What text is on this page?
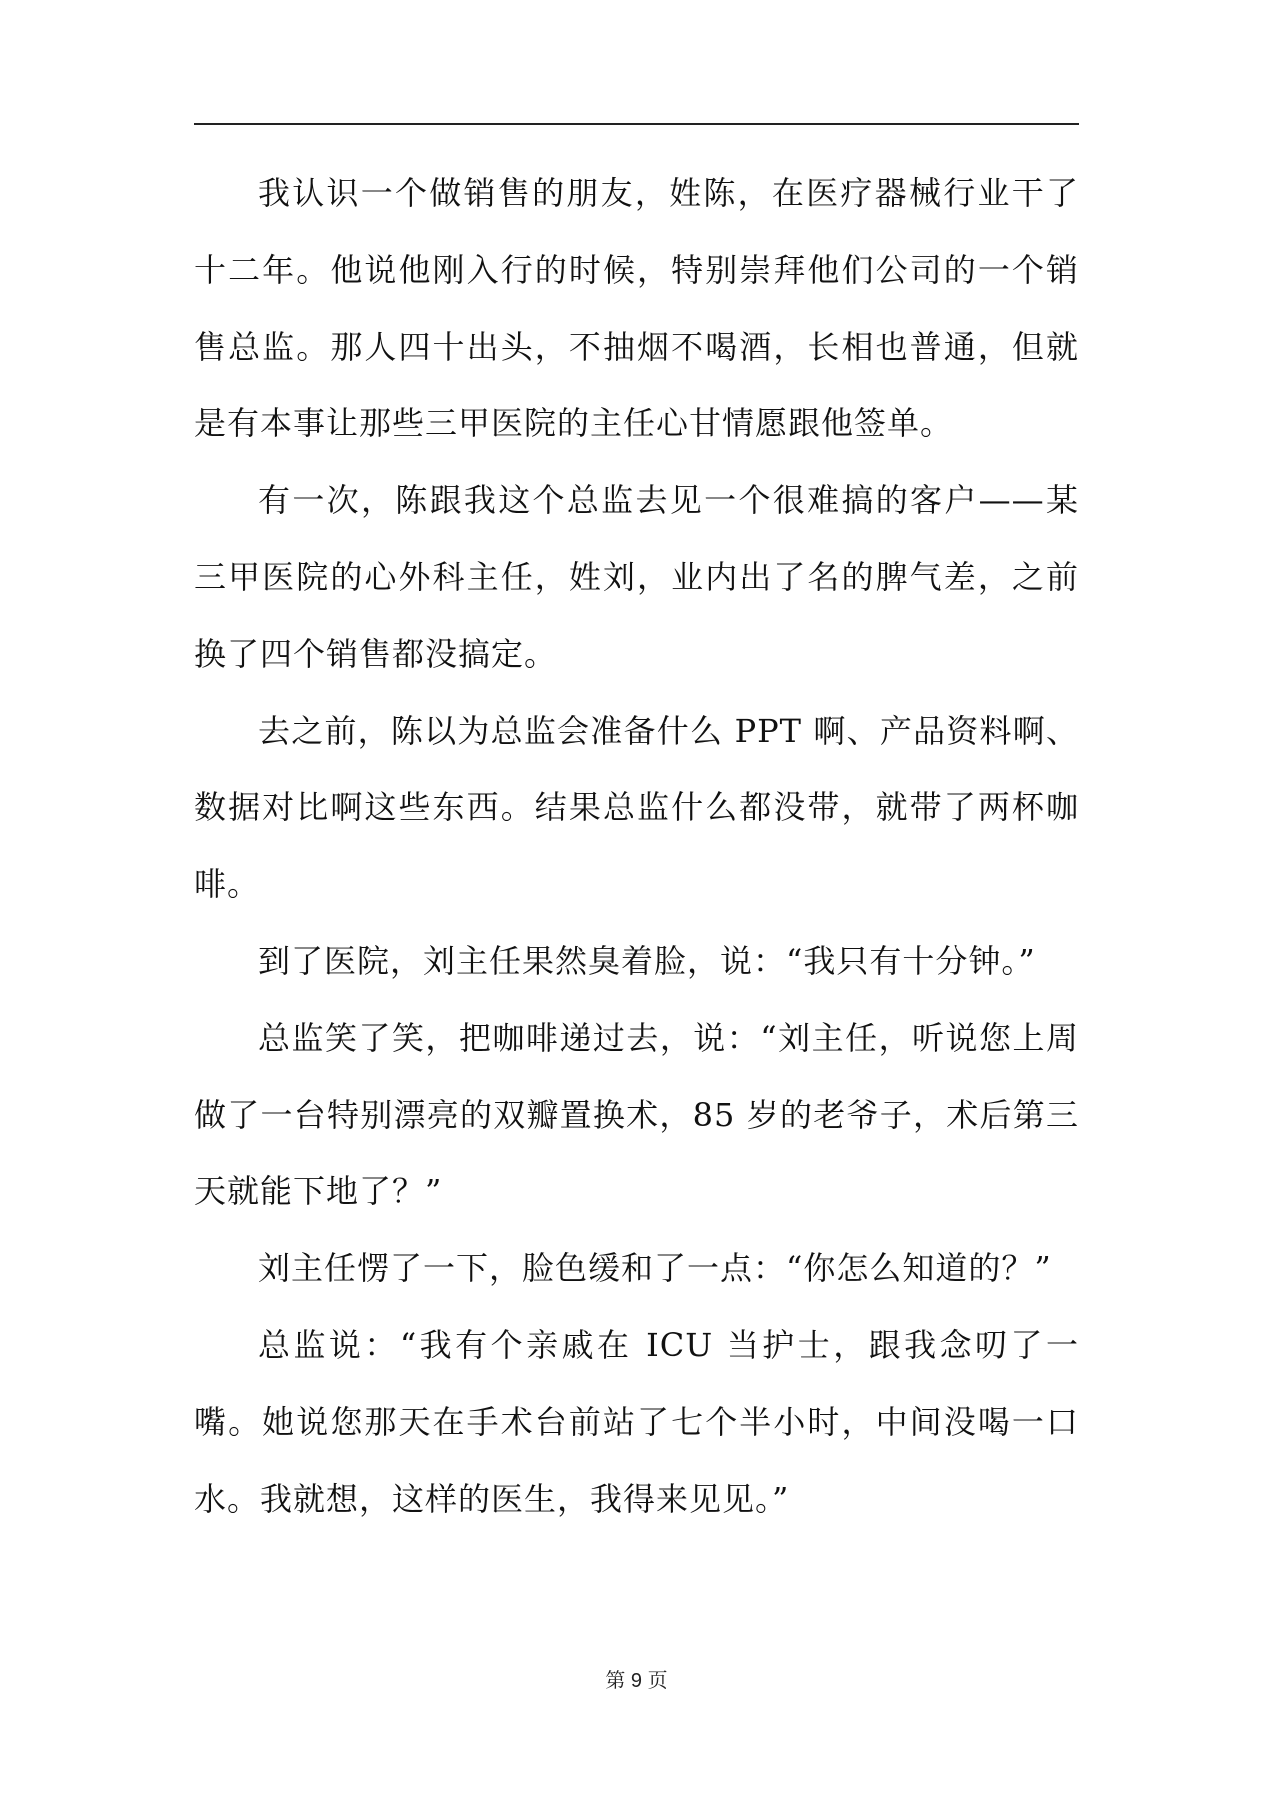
我认识一个做销售的朋友，姓陈，在医疗器械行业干了十二年。他说他刚入行的时候，特别崇拜他们公司的一个销售总监。那人四十出头，不抽烟不喝酒，长相也普通，但就是有本事让那些三甲医院的主任心甘情愿跟他签单。

有一次，陈跟我这个总监去见一个很难搞的客户——某三甲医院的心外科主任，姓刘，业内出了名的脾气差，之前换了四个销售都没搞定。

去之前，陈以为总监会准备什么 PPT 啊、产品资料啊、数据对比啊这些东西。结果总监什么都没带，就带了两杯咖啡。

到了医院，刘主任果然臭着脸，说：“我只有十分钟。”

总监笑了笑，把咖啡递过去，说：“刘主任，听说您上周做了一台特别漂亮的双瓣置换术，85 岁的老爷子，术后第三天就能下地了？”

刘主任愣了一下，脸色缓和了一点：“你怎么知道的？”

总监说：“我有个亲戚在 ICU 当护士，跟我念叨了一嘴。她说您那天在手术台前站了七个半小时，中间没喝一口水。我就想，这样的医生，我得来见见。”

第 9 页
